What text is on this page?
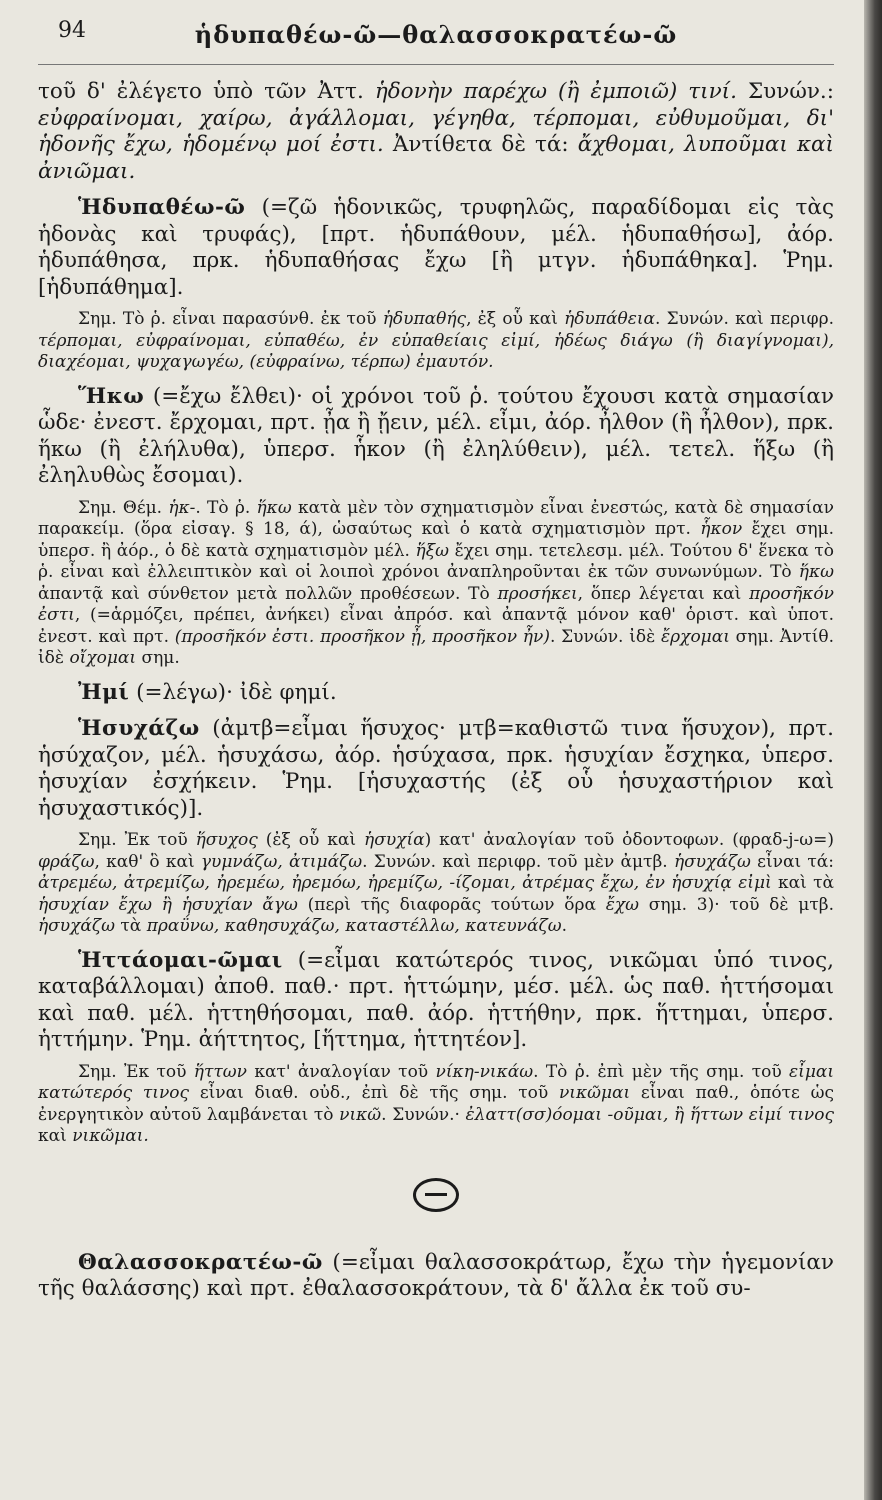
94	ἡδυπαθέω-ῶ—θαλασσοκρατέω-ῶ

τοῦ δ' ἐλέγετο ὑπὸ τῶν Ἀττ. ἡδονὴν παρέχω (ἢ ἐμποιῶ) τινί. Συνών.: εὐφραίνομαι, χαίρω, ἀγάλλομαι, γέγηθα, τέρπομαι, εὐθυμοῦμαι, δι' ἡδονῆς ἔχω, ἡδομένῳ μοί ἐστι. Ἀντίθετα δὲ τά: ἄχθομαι, λυποῦμαι καὶ ἀνιῶμαι.

Ἡδυπαθέω-ῶ (=ζῶ ἡδονικῶς, τρυφηλῶς, παραδίδομαι εἰς τὰς ἡδονὰς καὶ τρυφάς), [πρτ. ἡδυπάθουν, μέλ. ἡδυπαθήσω], ἀόρ. ἡδυπάθησα, πρκ. ἡδυπαθήσας ἔχω [ἢ μτγν. ἡδυπάθηκα]. Ῥημ. [ἡδυπάθημα].

Σημ. Τὸ ῥ. εἶναι παρασύνθ. ἐκ τοῦ ἡδυπαθής, ἐξ οὗ καὶ ἡδυπάθεια. Συνών. καὶ περιφρ. τέρπομαι, εὐφραίνομαι, εὐπαθέω, ἐν εὐπαθείαις εἰμί, ἡδέως διάγω (ἢ διαγίγνομαι), διαχέομαι, ψυχαγωγέω, (εὐφραίνω, τέρπω) ἐμαυτόν.

Ἥκω (=ἔχω ἔλθει)· οἱ χρόνοι τοῦ ῥ. τούτου ἔχουσι κατὰ σημασίαν ὧδε· ἐνεστ. ἔρχομαι, πρτ. ᾖα ἢ ᾔειν, μέλ. εἶμι, ἀόρ. ἦλθον (ἢ ἦλθον), πρκ. ἥκω (ἢ ἐλήλυθα), ὑπερσ. ἧκον (ἢ ἐληλύθειν), μέλ. τετελ. ἥξω (ἢ ἐληλυθὼς ἔσομαι).

Σημ. Θέμ. ἡκ-. Τὸ ῥ. ἥκω κατὰ μὲν τὸν σχηματισμὸν εἶναι ἐνεστώς, κατὰ δὲ σημασίαν παρακείμ. (ὅρα εἰσαγ. § 18, ά), ὡσαύτως καὶ ὁ κατὰ σχηματισμὸν πρτ. ἧκον ἔχει σημ. ὑπερσ. ἢ ἀόρ., ὁ δὲ κατὰ σχηματισμὸν μέλ. ἥξω ἔχει σημ. τετελεσμ. μέλ. Τούτου δ' ἕνεκα τὸ ῥ. εἶναι καὶ ἐλλειπτικὸν καὶ οἱ λοιποὶ χρόνοι ἀναπληροῦνται ἐκ τῶν συνωνύμων. Τὸ ἥκω ἀπαντᾷ καὶ σύνθετον μετὰ πολλῶν προθέσεων. Τὸ προσήκει, ὅπερ λέγεται καὶ προσῆκόν ἐστι, (=ἁρμόζει, πρέπει, ἀνήκει) εἶναι ἀπρόσ. καὶ ἀπαντᾷ μόνον καθ' ὁριστ. καὶ ὑποτ. ἐνεστ. καὶ πρτ. (προσῆκόν ἐστι. προσῆκον ᾖ, προσῆκον ἦν). Συνών. ἰδὲ ἔρχομαι σημ. Ἀντίθ. ἰδὲ οἴχομαι σημ.

Ἠμί (=λέγω)· ἰδὲ φημί.

Ἡσυχάζω (ἀμτβ=εἶμαι ἥσυχος· μτβ=καθιστῶ τινα ἥσυχον), πρτ. ἡσύχαζον, μέλ. ἡσυχάσω, ἀόρ. ἡσύχασα, πρκ. ἡσυχίαν ἔσχηκα, ὑπερσ. ἡσυχίαν ἐσχήκειν. Ῥημ. [ἡσυχαστής (ἐξ οὗ ἡσυχαστήριον καὶ ἡσυχαστικός)].

Σημ. Ἐκ τοῦ ἥσυχος (ἐξ οὗ καὶ ἡσυχία) κατ' ἀναλογίαν τοῦ ὀδοντοφων. (φραδ-j-ω=) φράζω, καθ' ὃ καὶ γυμνάζω, ἀτιμάζω. Συνών. καὶ περιφρ. τοῦ μὲν ἀμτβ. ἡσυχάζω εἶναι τά: ἀτρεμέω, ἀτρεμίζω, ἠρεμέω, ἠρεμόω, ἠρεμίζω, -ίζομαι, ἀτρέμας ἔχω, ἐν ἡσυχίᾳ εἰμὶ καὶ τὰ ἡσυχίαν ἔχω ἢ ἡσυχίαν ἄγω (περὶ τῆς διαφορᾶς τούτων ὅρα ἔχω σημ. 3)· τοῦ δὲ μτβ. ἡσυχάζω τὰ πραΰνω, καθησυχάζω, καταστέλλω, κατευνάζω.

Ἡττάομαι-ῶμαι (=εἶμαι κατώτερός τινος, νικῶμαι ὑπό τινος, καταβάλλομαι) ἀποθ. παθ.· πρτ. ἡττώμην, μέσ. μέλ. ὡς παθ. ἡττήσομαι καὶ παθ. μέλ. ἡττηθήσομαι, παθ. ἀόρ. ἡττήθην, πρκ. ἥττημαι, ὑπερσ. ἡττήμην. Ῥημ. ἀήττητος, [ἥττημα, ἡττητέον].

Σημ. Ἐκ τοῦ ἥττων κατ' ἀναλογίαν τοῦ νίκη-νικάω. Τὸ ῥ. ἐπὶ μὲν τῆς σημ. τοῦ εἶμαι κατώτερός τινος εἶναι διαθ. οὐδ., ἐπὶ δὲ τῆς σημ. τοῦ νικῶμαι εἶναι παθ., ὁπότε ὡς ἐνεργητικὸν αὐτοῦ λαμβάνεται τὸ νικῶ. Συνών.· ἐλαττ(σσ)όομαι -οῦμαι, ἢ ἥττων εἰμί τινος καὶ νικῶμαι.

Θαλασσοκρατέω-ῶ (=εἶμαι θαλασσοκράτωρ, ἔχω τὴν ἡγεμονίαν τῆς θαλάσσης) καὶ πρτ. ἐθαλασσοκράτουν, τὰ δ' ἄλλα ἐκ τοῦ συ-
